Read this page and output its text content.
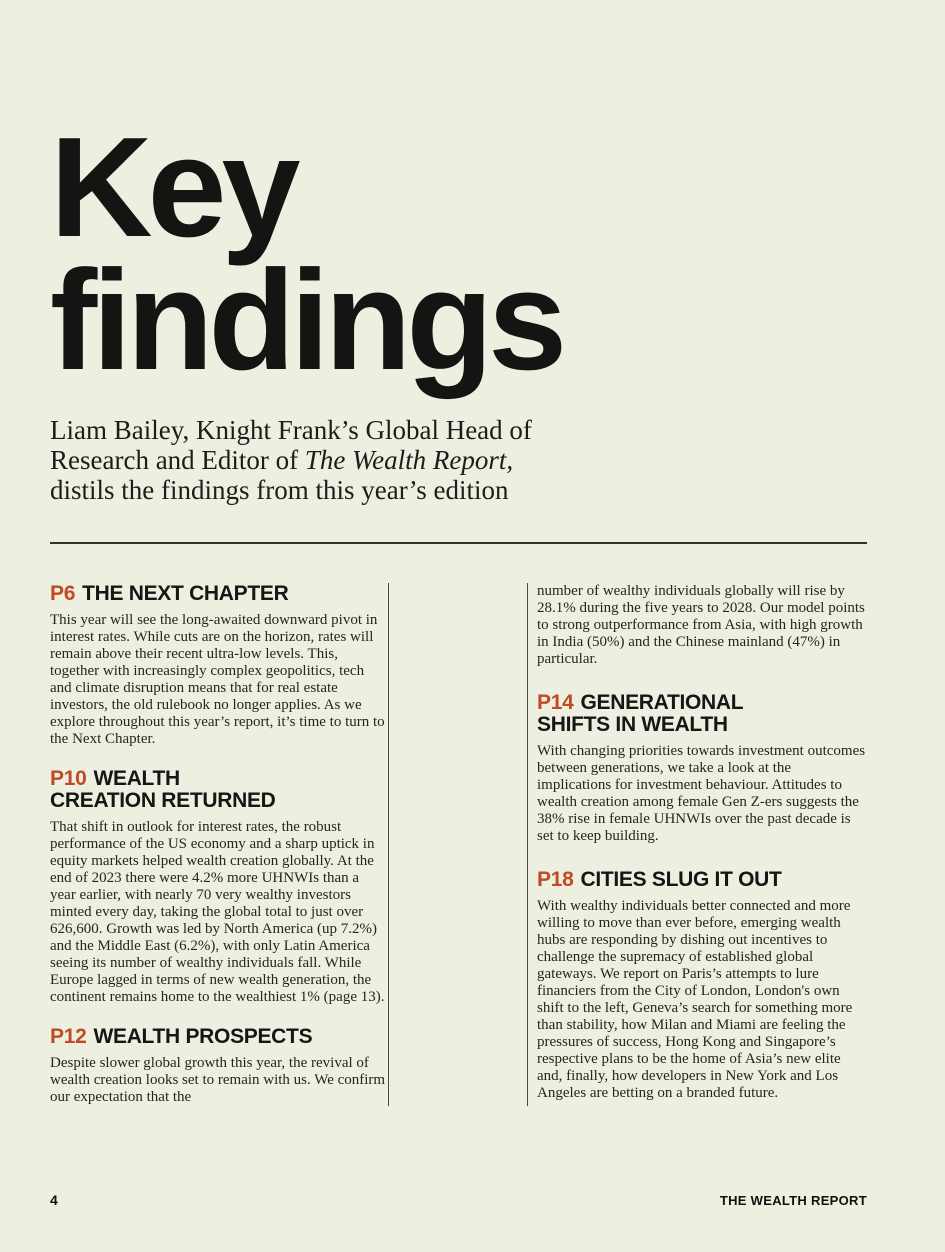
Key
findings

Liam Bailey, Knight Frank’s Global Head of
Research and Editor of The Wealth Report,
distils the findings from this year’s edition

P6 THE NEXT CHAPTER

This year will see the long-awaited downward pivot in interest rates. While cuts are on the horizon, rates will remain above their recent ultra-low levels. This, together with increasingly complex geopolitics, tech and climate disruption means that for real estate investors, the old rulebook no longer applies. As we explore throughout this year’s report, it’s time to turn to the Next Chapter.

P10 WEALTH
CREATION RETURNED

That shift in outlook for interest rates, the robust performance of the US economy and a sharp uptick in equity markets helped wealth creation globally. At the end of 2023 there were 4.2% more UHNWIs than a year earlier, with nearly 70 very wealthy investors minted every day, taking the global total to just over 626,600. Growth was led by North America (up 7.2%) and the Middle East (6.2%), with only Latin America seeing its number of wealthy individuals fall. While Europe lagged in terms of new wealth generation, the continent remains home to the wealthiest 1% (page 13).

P12 WEALTH PROSPECTS

Despite slower global growth this year, the revival of wealth creation looks set to remain with us. We confirm our expectation that the

number of wealthy individuals globally will rise by 28.1% during the five years to 2028. Our model points to strong outperformance from Asia, with high growth in India (50%) and the Chinese mainland (47%) in particular.

P14 GENERATIONAL
SHIFTS IN WEALTH

With changing priorities towards investment outcomes between generations, we take a look at the implications for investment behaviour. Attitudes to wealth creation among female Gen Z-ers suggests the 38% rise in female UHNWIs over the past decade is set to keep building.

P18 CITIES SLUG IT OUT

With wealthy individuals better connected and more willing to move than ever before, emerging wealth hubs are responding by dishing out incentives to challenge the supremacy of established global gateways. We report on Paris’s attempts to lure financiers from the City of London, London's own shift to the left, Geneva’s search for something more than stability, how Milan and Miami are feeling the pressures of success, Hong Kong and Singapore’s respective plans to be the home of Asia’s new elite and, finally, how developers in New York and Los Angeles are betting on a branded future.

4	THE WEALTH REPORT
